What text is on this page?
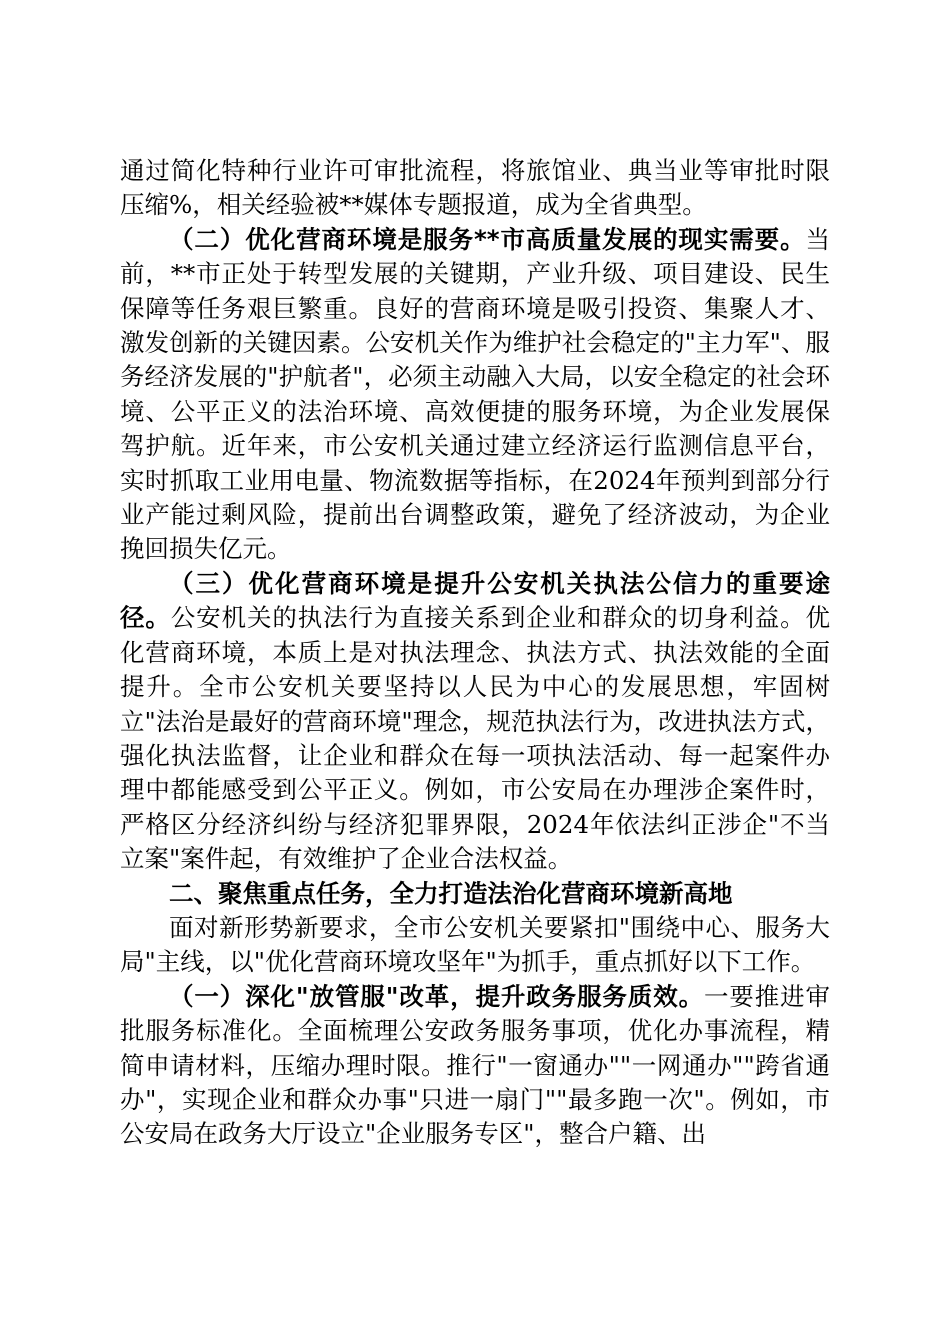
通过简化特种行业许可审批流程，将旅馆业、典当业等审批时限压缩%，相关经验被**媒体专题报道，成为全省典型。

（二）优化营商环境是服务**市高质量发展的现实需要。当前，**市正处于转型发展的关键期，产业升级、项目建设、民生保障等任务艰巨繁重。良好的营商环境是吸引投资、集聚人才、激发创新的关键因素。公安机关作为维护社会稳定的"主力军"、服务经济发展的"护航者"，必须主动融入大局，以安全稳定的社会环境、公平正义的法治环境、高效便捷的服务环境，为企业发展保驾护航。近年来，市公安机关通过建立经济运行监测信息平台，实时抓取工业用电量、物流数据等指标，在2024年预判到部分行业产能过剩风险，提前出台调整政策，避免了经济波动，为企业挽回损失亿元。

（三）优化营商环境是提升公安机关执法公信力的重要途径。公安机关的执法行为直接关系到企业和群众的切身利益。优化营商环境，本质上是对执法理念、执法方式、执法效能的全面提升。全市公安机关要坚持以人民为中心的发展思想，牢固树立"法治是最好的营商环境"理念，规范执法行为，改进执法方式，强化执法监督，让企业和群众在每一项执法活动、每一起案件办理中都能感受到公平正义。例如，市公安局在办理涉企案件时，严格区分经济纠纷与经济犯罪界限，2024年依法纠正涉企"不当立案"案件起，有效维护了企业合法权益。

二、聚焦重点任务，全力打造法治化营商环境新高地

面对新形势新要求，全市公安机关要紧扣"围绕中心、服务大局"主线，以"优化营商环境攻坚年"为抓手，重点抓好以下工作。

（一）深化"放管服"改革，提升政务服务质效。一要推进审批服务标准化。全面梳理公安政务服务事项，优化办事流程，精简申请材料，压缩办理时限。推行"一窗通办""一网通办""跨省通办"，实现企业和群众办事"只进一扇门""最多跑一次"。例如，市公安局在政务大厅设立"企业服务专区"，整合户籍、出
